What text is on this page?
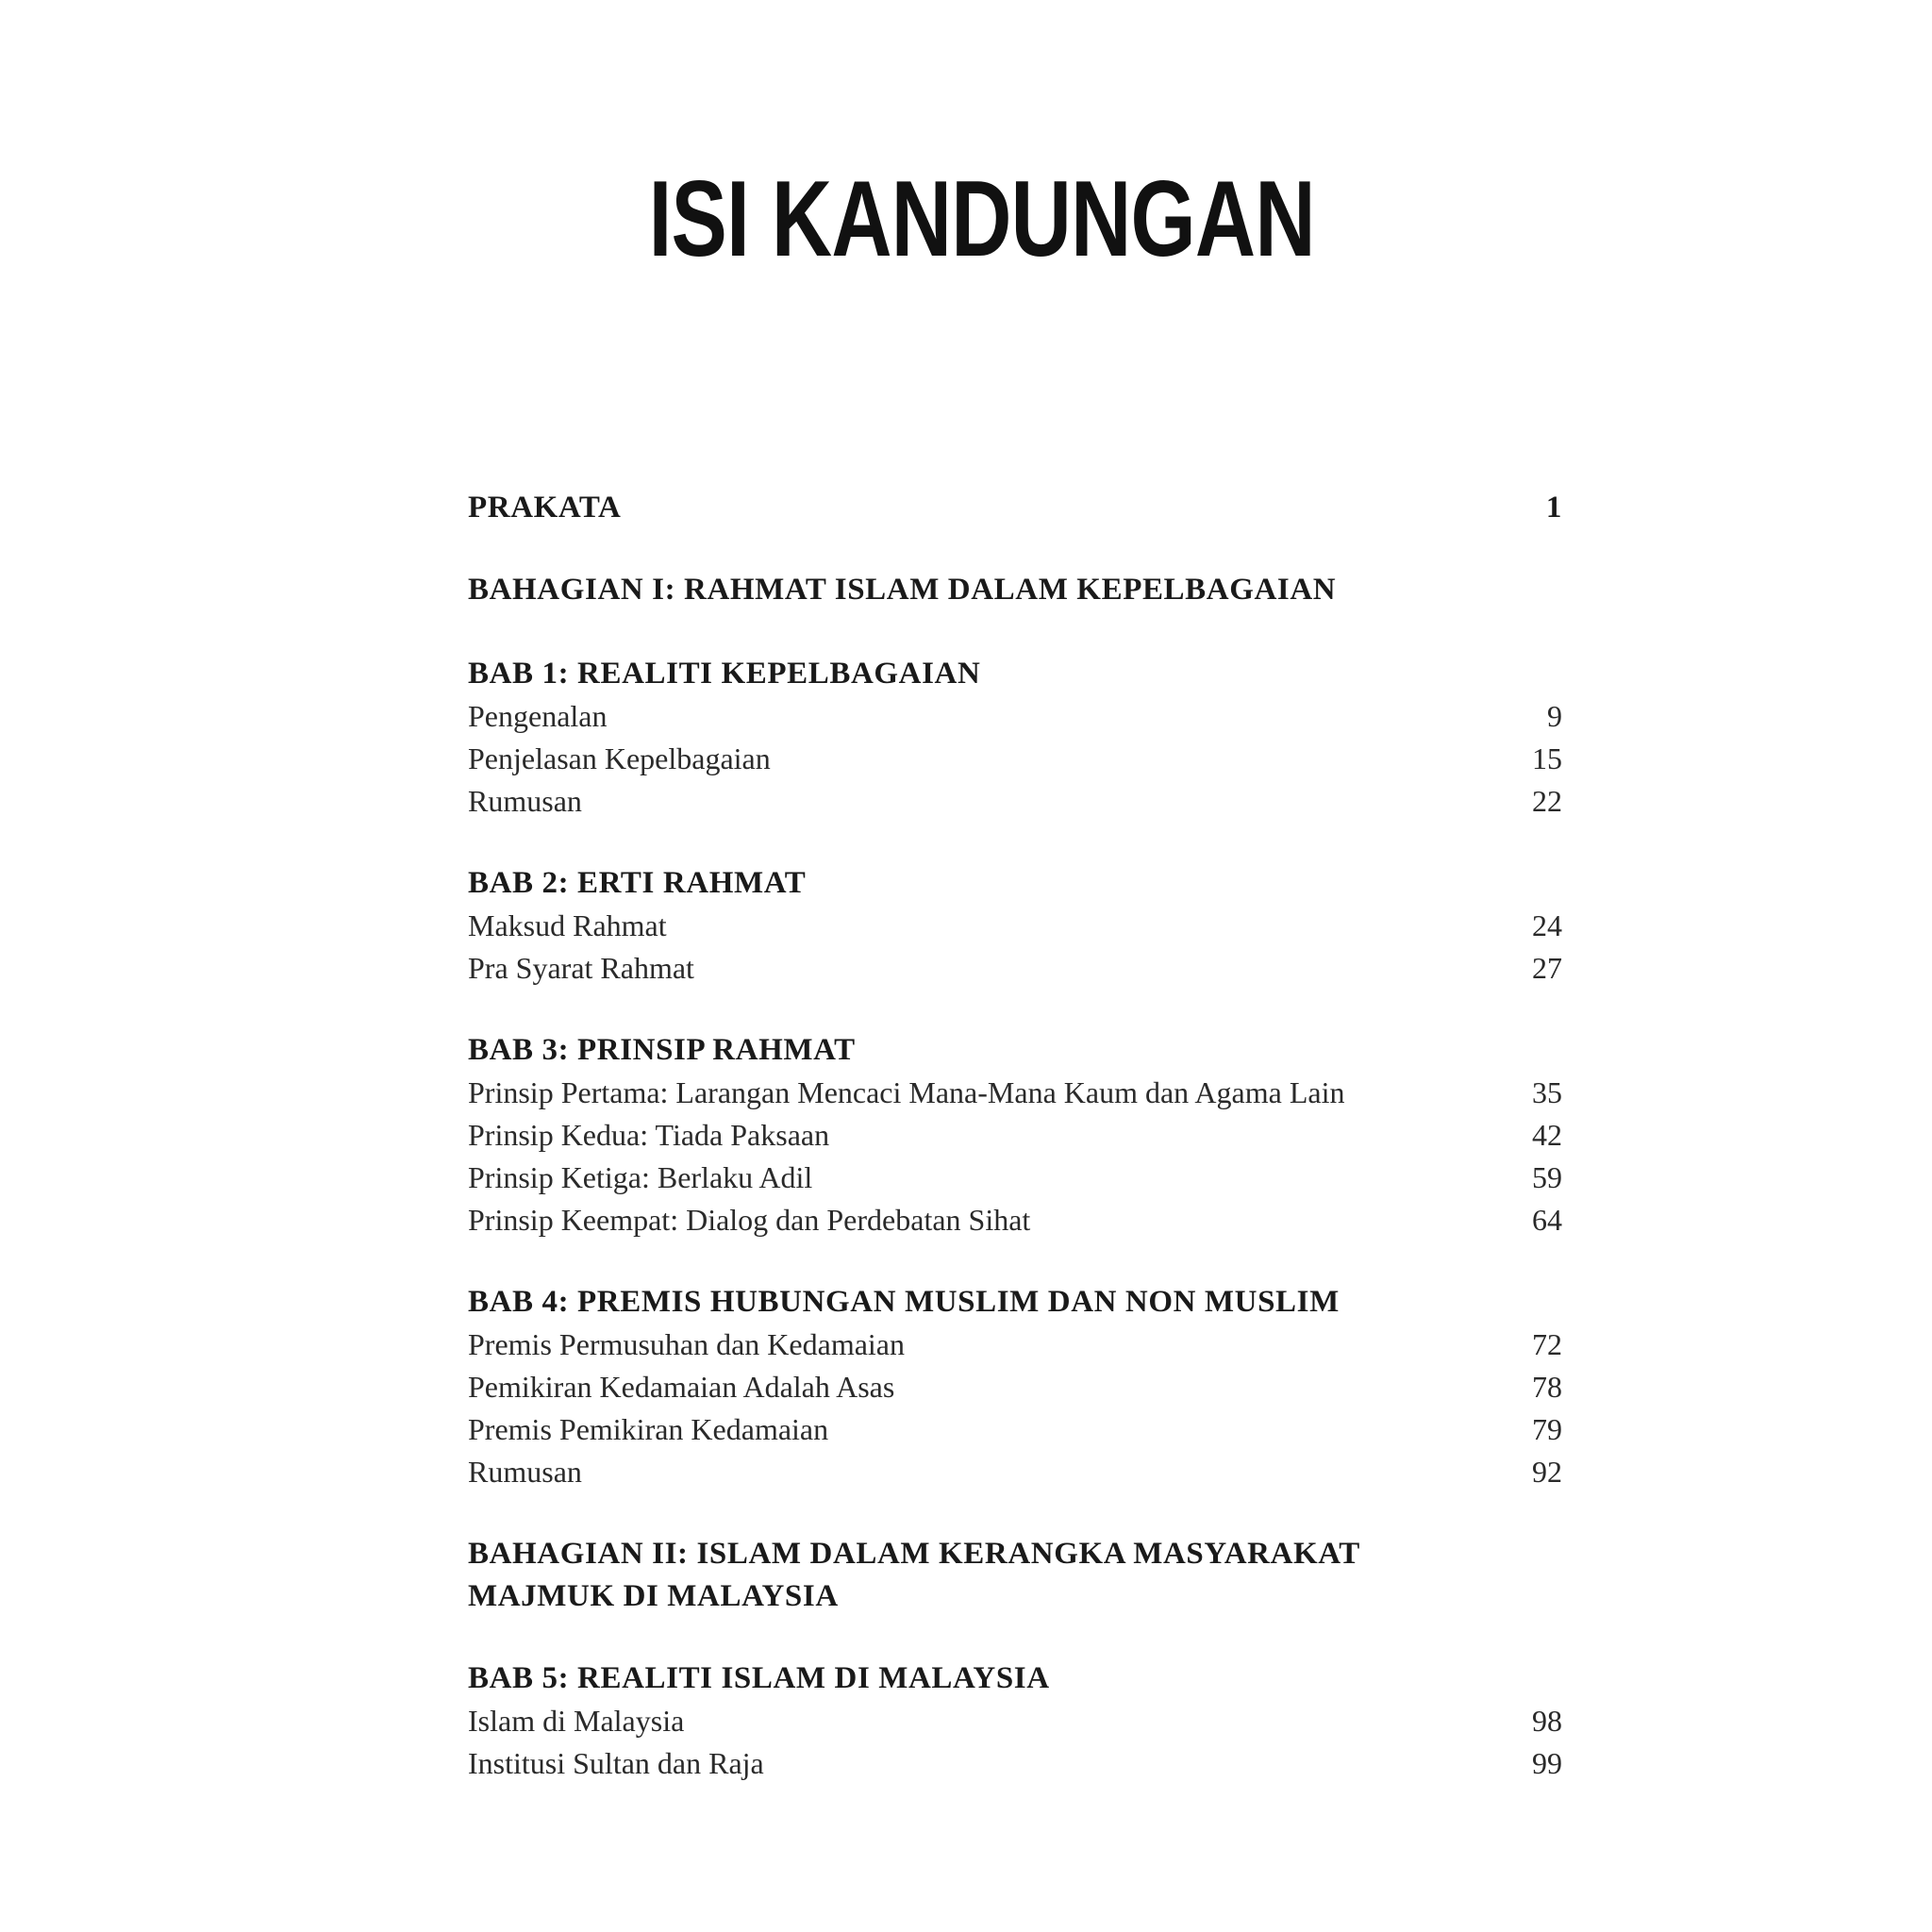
ISI KANDUNGAN
PRAKATA	1
BAHAGIAN I: RAHMAT ISLAM DALAM KEPELBAGAIAN
BAB 1: REALITI KEPELBAGAIAN
Pengenalan	9
Penjelasan Kepelbagaian	15
Rumusan	22
BAB 2: ERTI RAHMAT
Maksud Rahmat	24
Pra Syarat Rahmat	27
BAB 3: PRINSIP RAHMAT
Prinsip Pertama: Larangan Mencaci Mana-Mana Kaum dan Agama Lain	35
Prinsip Kedua: Tiada Paksaan	42
Prinsip Ketiga: Berlaku Adil	59
Prinsip Keempat: Dialog dan Perdebatan Sihat	64
BAB 4: PREMIS HUBUNGAN MUSLIM DAN NON MUSLIM
Premis Permusuhan dan Kedamaian	72
Pemikiran Kedamaian Adalah Asas	78
Premis Pemikiran Kedamaian	79
Rumusan	92
BAHAGIAN II: ISLAM DALAM KERANGKA MASYARAKAT
MAJMUK DI MALAYSIA
BAB 5: REALITI ISLAM DI MALAYSIA
Islam di Malaysia	98
Institusi Sultan dan Raja	99
